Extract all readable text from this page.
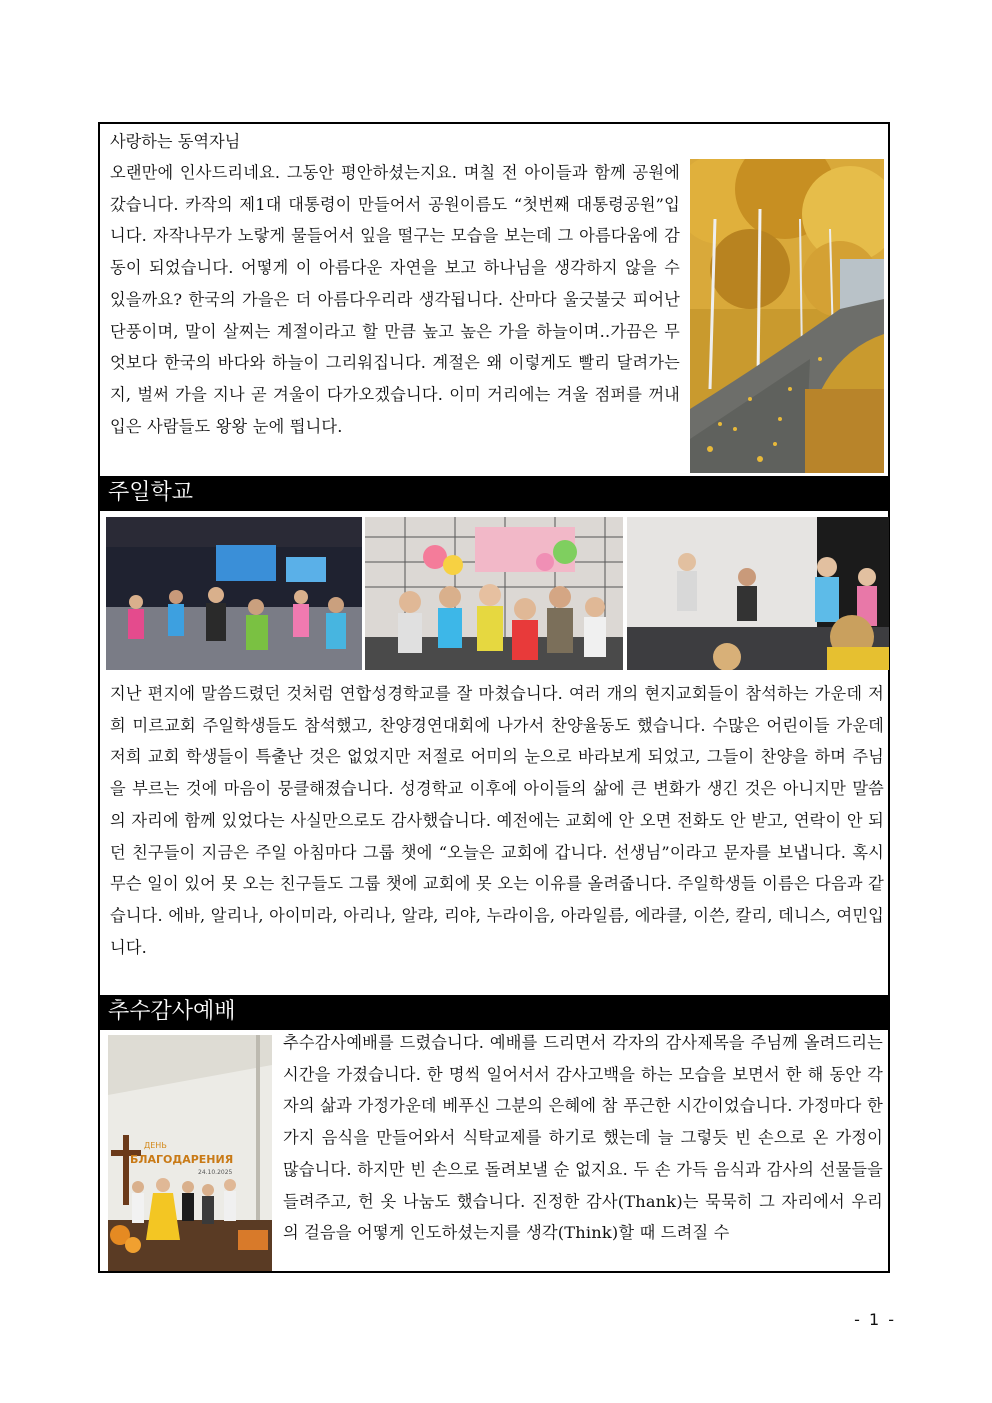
사랑하는 동역자님
오랜만에 인사드리네요. 그동안 평안하셨는지요. 며칠 전 아이들과 함께 공원에 갔습니다. 카작의 제1대 대통령이 만들어서 공원이름도 “첫번째 대통령공원”입니다. 자작나무가 노랗게 물들어서 잎을 떨구는 모습을 보는데 그 아름다움에 감동이 되었습니다. 어떻게 이 아름다운 자연을 보고 하나님을 생각하지 않을 수 있을까요? 한국의 가을은 더 아름다우리라 생각됩니다. 산마다 울긋불긋 피어난 단풍이며, 말이 살찌는 계절이라고 할 만큼 높고 높은 가을 하늘이며..가끔은 무엇보다 한국의 바다와 하늘이 그리워집니다. 계절은 왜 이렇게도 빨리 달려가는지, 벌써 가을 지나 곧 겨울이 다가오겠습니다. 이미 거리에는 겨울 점퍼를 꺼내입은 사람들도 왕왕 눈에 띕니다.
주일학교
지난 편지에 말씀드렸던 것처럼 연합성경학교를 잘 마쳤습니다. 여러 개의 현지교회들이 참석하는 가운데 저희 미르교회 주일학생들도 참석했고, 찬양경연대회에 나가서 찬양율동도 했습니다. 수많은 어린이들 가운데 저희 교회 학생들이 특출난 것은 없었지만 저절로 어미의 눈으로 바라보게 되었고, 그들이 찬양을 하며 주님을 부르는 것에 마음이 뭉클해졌습니다. 성경학교 이후에 아이들의 삶에 큰 변화가 생긴 것은 아니지만 말씀의 자리에 함께 있었다는 사실만으로도 감사했습니다. 예전에는 교회에 안 오면 전화도 안 받고, 연락이 안 되던 친구들이 지금은 주일 아침마다 그룹 챗에 “오늘은 교회에 갑니다. 선생님”이라고 문자를 보냅니다. 혹시 무슨 일이 있어 못 오는 친구들도 그룹 챗에 교회에 못 오는 이유를 올려줍니다. 주일학생들 이름은 다음과 같습니다. 에바, 알리나, 아이미라, 아리나, 알랴, 리야, 누라이음, 아라일름, 에라클, 이쓴, 칼리, 데니스, 여민입니다.
추수감사예배
ДЕНЬ
БЛАГОДАРЕНИЯ
24.10.2025
추수감사예배를 드렸습니다. 예배를 드리면서 각자의 감사제목을 주님께 올려드리는 시간을 가졌습니다. 한 명씩 일어서서 감사고백을 하는 모습을 보면서 한 해 동안 각 자의 삶과 가정가운데 베푸신 그분의 은혜에 참 푸근한 시간이었습니다. 가정마다 한 가지 음식을 만들어와서 식탁교제를 하기로 했는데 늘 그렇듯 빈 손으로 온 가정이 많습니다. 하지만 빈 손으로 돌려보낼 순 없지요. 두 손 가득 음식과 감사의 선물들을 들려주고, 헌 옷 나눔도 했습니다. 진정한 감사(Thank)는 묵묵히 그 자리에서 우리의 걸음을 어떻게 인도하셨는지를 생각(Think)할 때 드려질 수
- 1 -
